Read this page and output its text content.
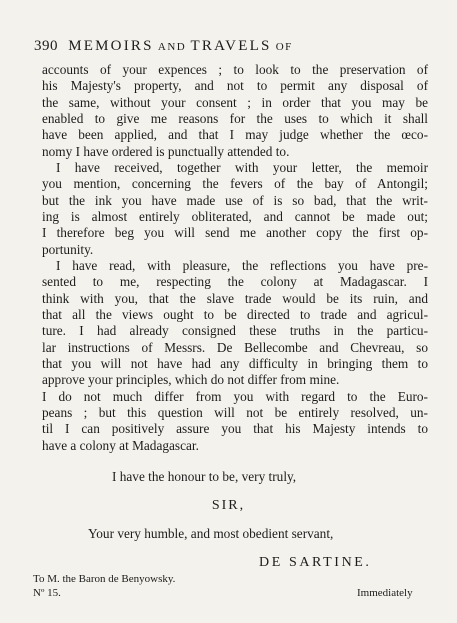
390 MEMOIRS AND TRAVELS OF
accounts of your expences ; to look to the preservation of
his Majesty's property, and not to permit any disposal of
the same, without your consent ; in order that you may be
enabled to give me reasons for the uses to which it shall
have been applied, and that I may judge whether the œco-
nomy I have ordered is punctually attended to.
I have received, together with your letter, the memoir
you mention, concerning the fevers of the bay of Antongil;
but the ink you have made use of is so bad, that the writ-
ing is almost entirely obliterated, and cannot be made out;
I therefore beg you will send me another copy the first op-
portunity.
I have read, with pleasure, the reflections you have pre-
sented to me, respecting the colony at Madagascar. I
think with you, that the slave trade would be its ruin, and
that all the views ought to be directed to trade and agricul-
ture. I had already consigned these truths in the particu-
lar instructions of Messrs. De Bellecombe and Chevreau, so
that you will not have had any difficulty in bringing them to
approve your principles, which do not differ from mine.
I do not much differ from you with regard to the Euro-
peans ; but this question will not be entirely resolved, un-
til I can positively assure you that his Majesty intends to
have a colony at Madagascar.
I have the honour to be, very truly,
SIR,
Your very humble, and most obedient servant,
DE SARTINE.
To M. the Baron de Benyowsky.
Nº 15.	Immediately
